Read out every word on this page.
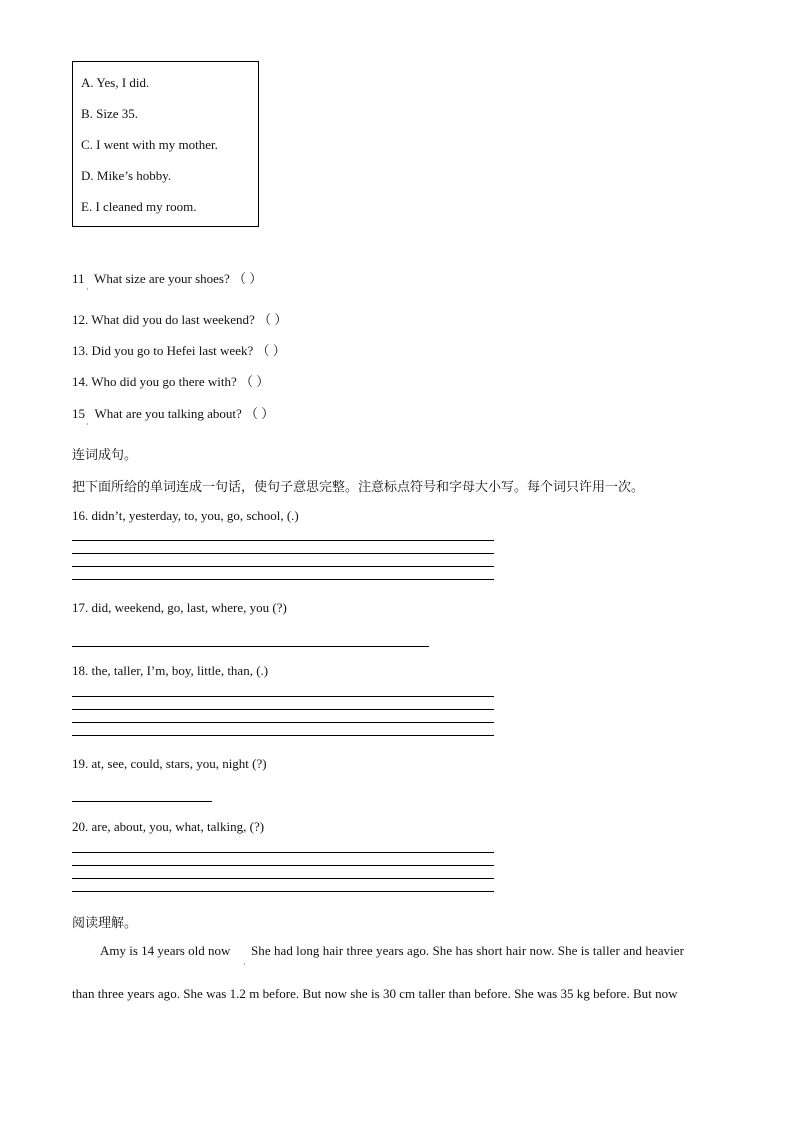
A. Yes, I did.
B. Size 35.
C. I went with my mother.
D. Mike’s hobby.
E. I cleaned my room.
11 What size are your shoes? （ ）
·
12. What did you do last weekend? （ ）
13. Did you go to Hefei last week? （ ）
14. Who did you go there with? （ ）
15 What are you talking about? （ ）
·
连词成句。
把下面所给的单词连成一句话，使句子意思完整。注意标点符号和字母大小写。每个词只许用一次。
16. didn’t, yesterday, to, you, go, school, (.)
17. did, weekend, go, last, where, you (?)
18. the, taller, I’m, boy, little, than, (.)
19. at, see, could, stars, you, night (?)
20. are, about, you, what, talking, (?)
阅读理解。
Amy is 14 years old now
·
She had long hair three years ago. She has short hair now. She is taller and heavier
than three years ago. She was 1.2 m before. But now she is 30 cm taller than before. She was 35 kg before. But now
